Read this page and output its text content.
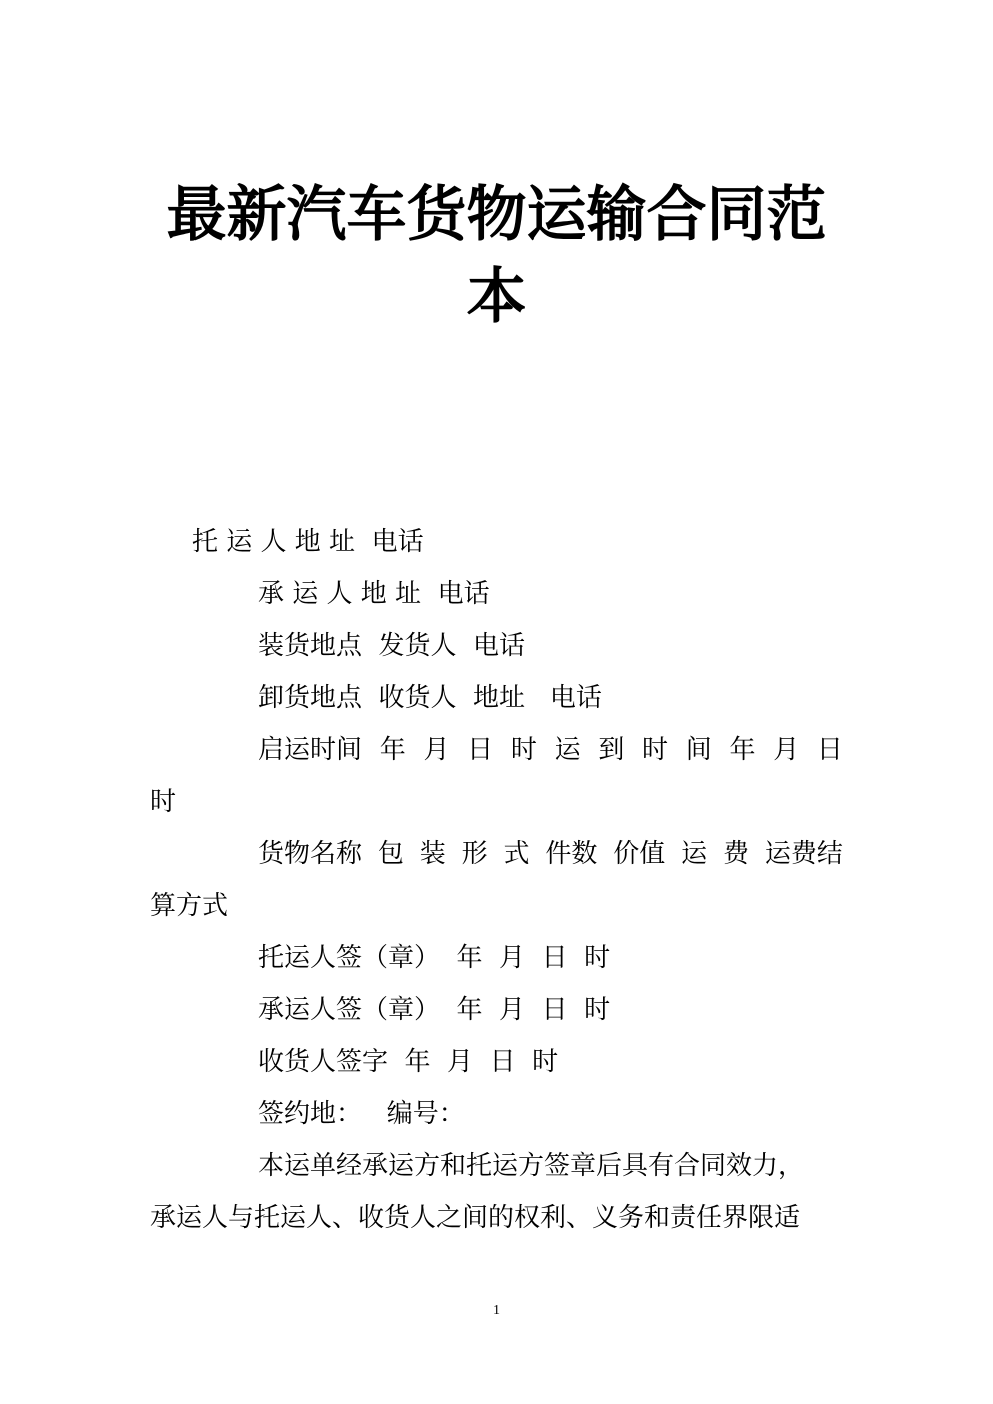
最新汽车货物运输合同范
本

托 运 人 地 址  电话

承 运 人 地 址  电话

装货地点  发货人  电话

卸货地点  收货人  地址   电话

启运时间 年 月 日 时 运 到 时 间 年 月 日

时

货物名称 包 装 形 式 件数 价值 运 费 运费结

算方式

托运人签（章）  年  月  日  时

承运人签（章）  年  月  日  时

收货人签字  年  月  日  时

签约地：   编号：

本运单经承运方和托运方签章后具有合同效力，

承运人与托运人、收货人之间的权利、义务和责任界限适

1
